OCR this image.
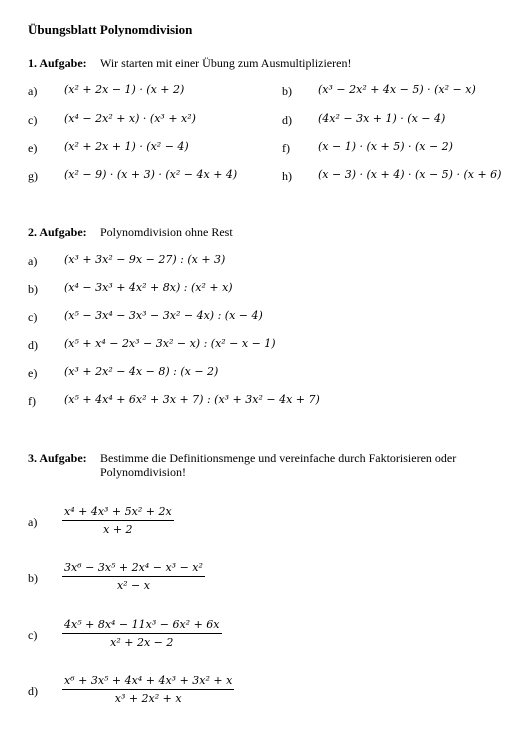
Übungsblatt Polynomdivision
1. Aufgabe: Wir starten mit einer Übung zum Ausmultiplizieren!
a) (x² + 2x − 1) · (x + 2)	b) (x³ − 2x² + 4x − 5) · (x² − x)
c) (x⁴ − 2x² + x) · (x³ + x²)	d) (4x² − 3x + 1) · (x − 4)
e) (x² + 2x + 1) · (x² − 4)	f)	(x − 1) · (x + 5) · (x − 2)
g) (x² − 9) · (x + 3) · (x² − 4x + 4)	h) (x − 3) · (x + 4) · (x − 5) · (x + 6)
2. Aufgabe: Polynomdivision ohne Rest
a) (x³ + 3x² − 9x − 27) : (x + 3)
b) (x⁴ − 3x³ + 4x² + 8x) : (x² + x)
c) (x⁵ − 3x⁴ − 3x³ − 3x² − 4x) : (x − 4)
d) (x⁵ + x⁴ − 2x³ − 3x² − x) : (x² − x − 1)
e) (x³ + 2x² − 4x − 8) : (x − 2)
f)	(x⁵ + 4x⁴ + 6x² + 3x + 7) : (x³ + 3x² − 4x + 7)
3. Aufgabe: Bestimme die Definitionsmenge und vereinfache durch Faktorisieren oder Polynomdivision!
a)
x⁴ + 4x³ + 5x² + 2x
x + 2
b)
3x⁶ − 3x⁵ + 2x⁴ − x³ − x²
x² − x
c)
4x⁵ + 8x⁴ − 11x³ − 6x² + 6x
x² + 2x − 2
d)
x⁶ + 3x⁵ + 4x⁴ + 4x³ + 3x² + x
x³ + 2x² + x
